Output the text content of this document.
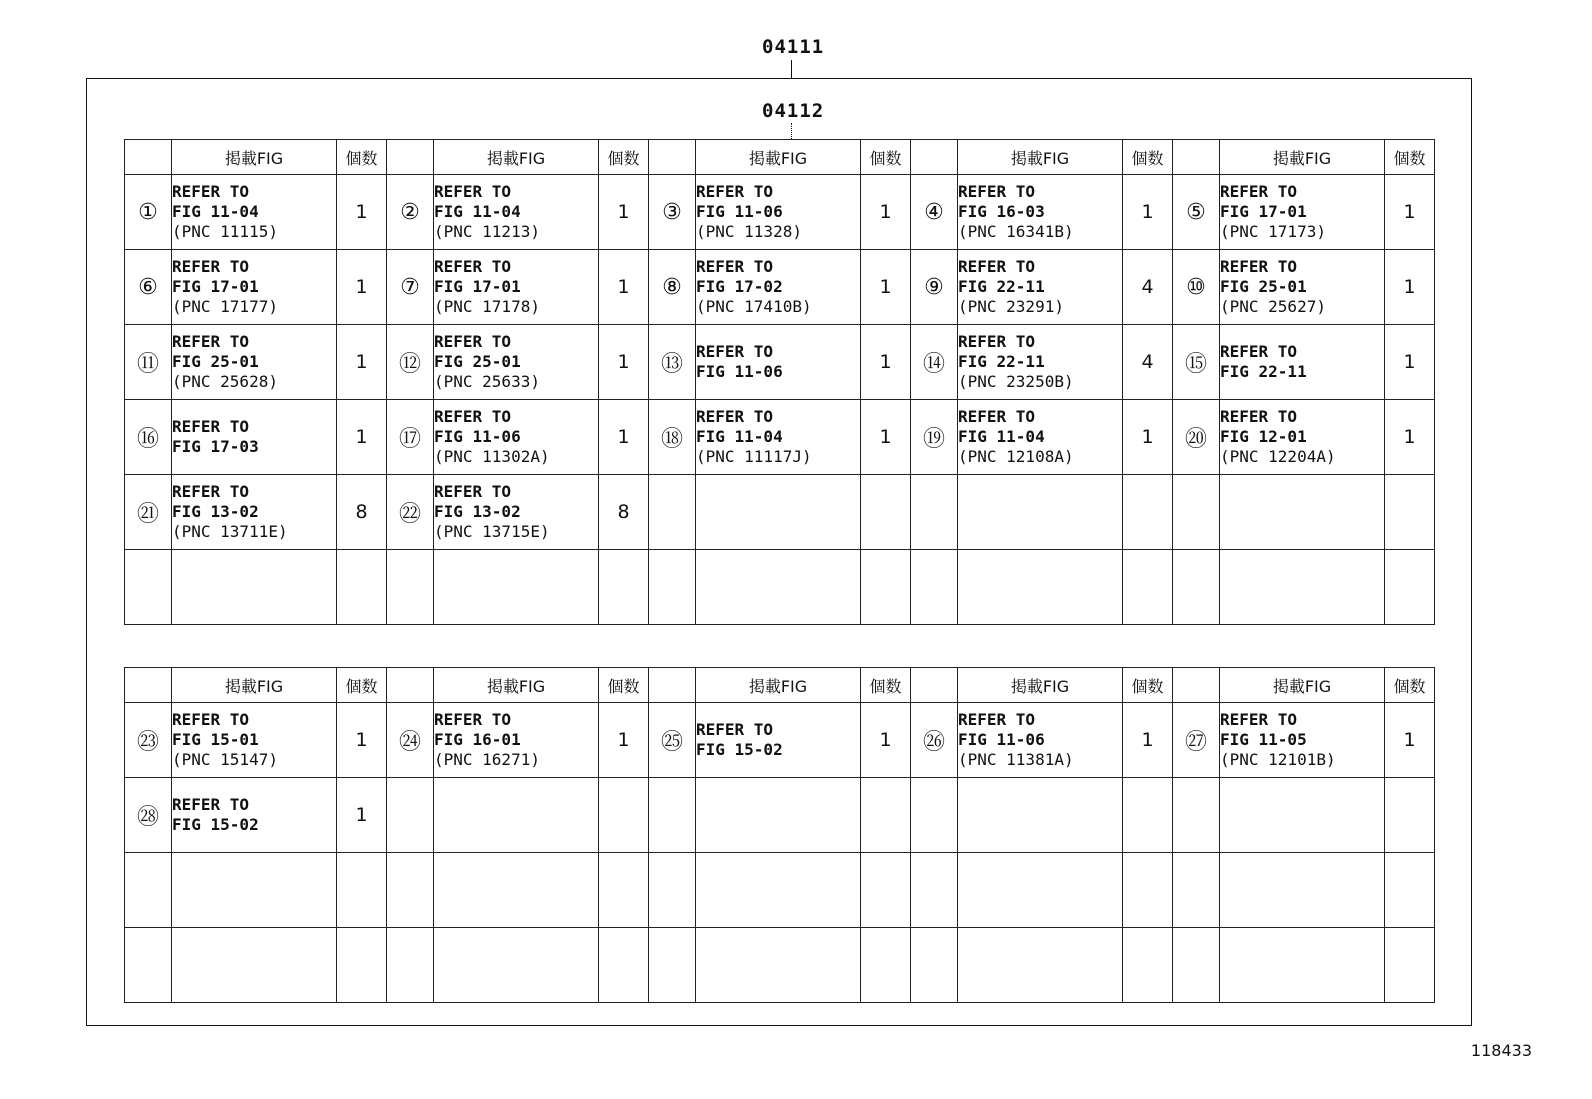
04111
04112
	掲載FIG	個数		掲載FIG	個数		掲載FIG	個数		掲載FIG	個数		掲載FIG	個数
①	REFER TO
FIG 11-04
(PNC 11115)	1	②	REFER TO
FIG 11-04
(PNC 11213)	1	③	REFER TO
FIG 11-06
(PNC 11328)	1	④	REFER TO
FIG 16-03
(PNC 16341B)	1	⑤	REFER TO
FIG 17-01
(PNC 17173)	1
⑥	REFER TO
FIG 17-01
(PNC 17177)	1	⑦	REFER TO
FIG 17-01
(PNC 17178)	1	⑧	REFER TO
FIG 17-02
(PNC 17410B)	1	⑨	REFER TO
FIG 22-11
(PNC 23291)	4	⑩	REFER TO
FIG 25-01
(PNC 25627)	1
⑪	REFER TO
FIG 25-01
(PNC 25628)	1	⑫	REFER TO
FIG 25-01
(PNC 25633)	1	⑬	REFER TO
FIG 11-06	1	⑭	REFER TO
FIG 22-11
(PNC 23250B)	4	⑮	REFER TO
FIG 22-11	1
⑯	REFER TO
FIG 17-03	1	⑰	REFER TO
FIG 11-06
(PNC 11302A)	1	⑱	REFER TO
FIG 11-04
(PNC 11117J)	1	⑲	REFER TO
FIG 11-04
(PNC 12108A)	1	⑳	REFER TO
FIG 12-01
(PNC 12204A)	1
㉑	REFER TO
FIG 13-02
(PNC 13711E)	8	㉒	REFER TO
FIG 13-02
(PNC 13715E)	8									

	掲載FIG	個数		掲載FIG	個数		掲載FIG	個数		掲載FIG	個数		掲載FIG	個数
㉓	REFER TO
FIG 15-01
(PNC 15147)	1	㉔	REFER TO
FIG 16-01
(PNC 16271)	1	㉕	REFER TO
FIG 15-02	1	㉖	REFER TO
FIG 11-06
(PNC 11381A)	1	㉗	REFER TO
FIG 11-05
(PNC 12101B)	1
㉘	REFER TO
FIG 15-02	1												

118433
